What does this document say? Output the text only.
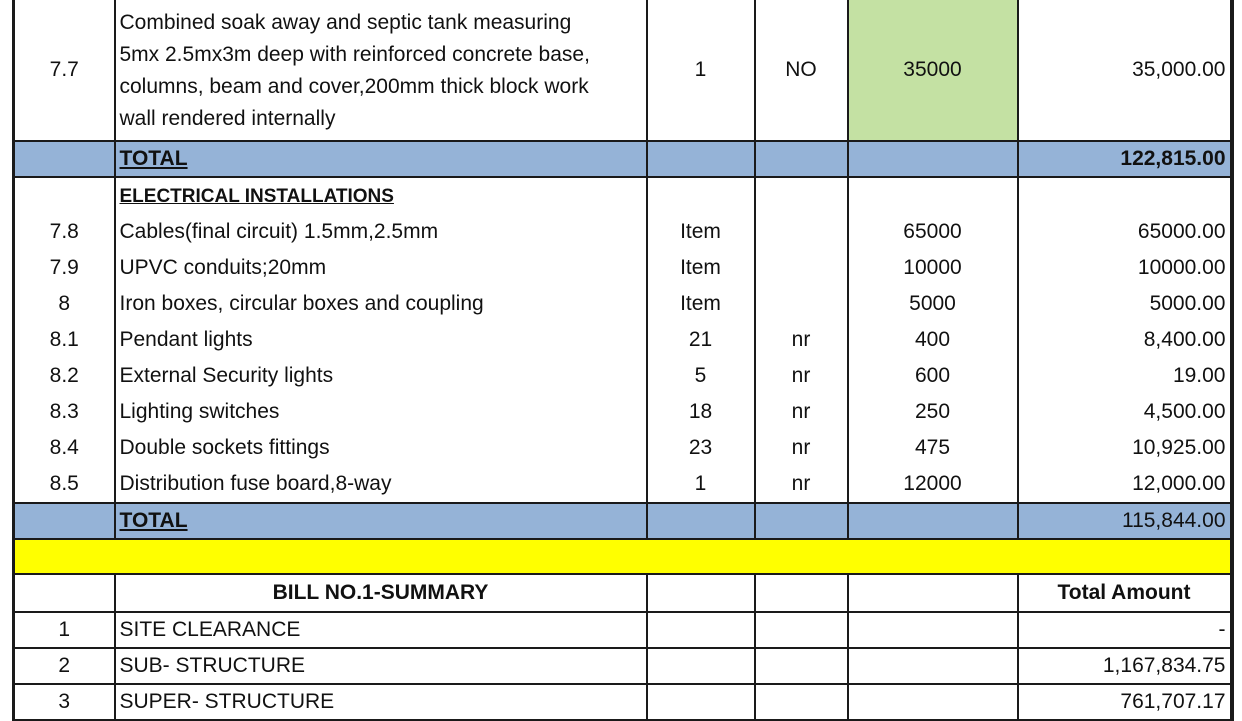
7.7	Combined soak away and septic tank measuring
5mx 2.5mx3m deep with reinforced concrete base,
columns, beam and cover,200mm thick block work
wall rendered internally	1	NO	35000	35,000.00
	TOTAL				122,815.00
	ELECTRICAL INSTALLATIONS				
7.8	Cables(final circuit) 1.5mm,2.5mm	Item		65000	65000.00
7.9	UPVC conduits;20mm	Item		10000	10000.00
8	Iron boxes, circular boxes and coupling	Item		5000	5000.00
8.1	Pendant lights	21	nr	400	8,400.00
8.2	External Security lights	5	nr	600	19.00
8.3	Lighting switches	18	nr	250	4,500.00
8.4	Double sockets fittings	23	nr	475	10,925.00
8.5	Distribution fuse board,8-way	1	nr	12000	12,000.00
	TOTAL				115,844.00

	BILL NO.1-SUMMARY				Total Amount
1	SITE CLEARANCE				-
2	SUB- STRUCTURE				1,167,834.75
3	SUPER- STRUCTURE				761,707.17
